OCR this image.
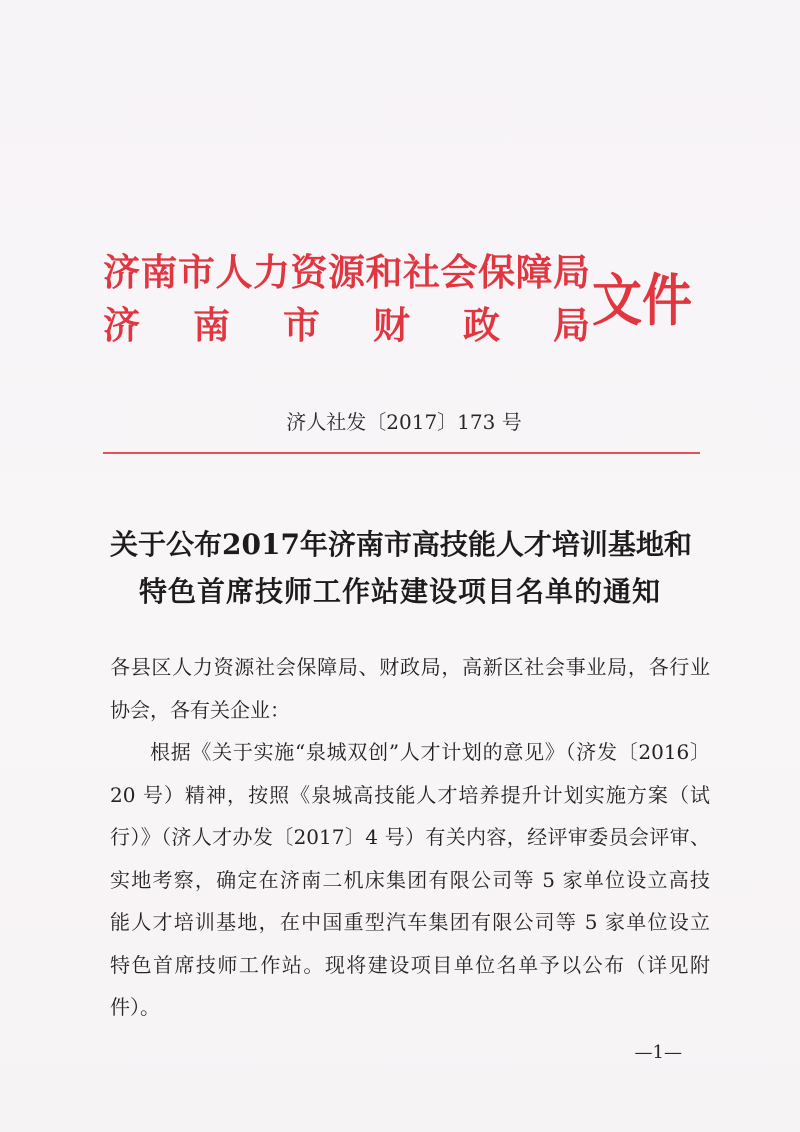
济南市人力资源和社会保障局
济南市财政局 文件
济人社发〔2017〕173 号
关于公布2017年济南市高技能人才培训基地和
特色首席技师工作站建设项目名单的通知
各县区人力资源社会保障局、财政局，高新区社会事业局，各行业
协会，各有关企业：
根据《关于实施“泉城双创”人才计划的意见》（济发〔2016〕
20 号）精神，按照《泉城高技能人才培养提升计划实施方案（试
行）》（济人才办发〔2017〕4 号）有关内容，经评审委员会评审、
实地考察，确定在济南二机床集团有限公司等 5 家单位设立高技
能人才培训基地，在中国重型汽车集团有限公司等 5 家单位设立
特色首席技师工作站。现将建设项目单位名单予以公布（详见附
件）。
—1—
